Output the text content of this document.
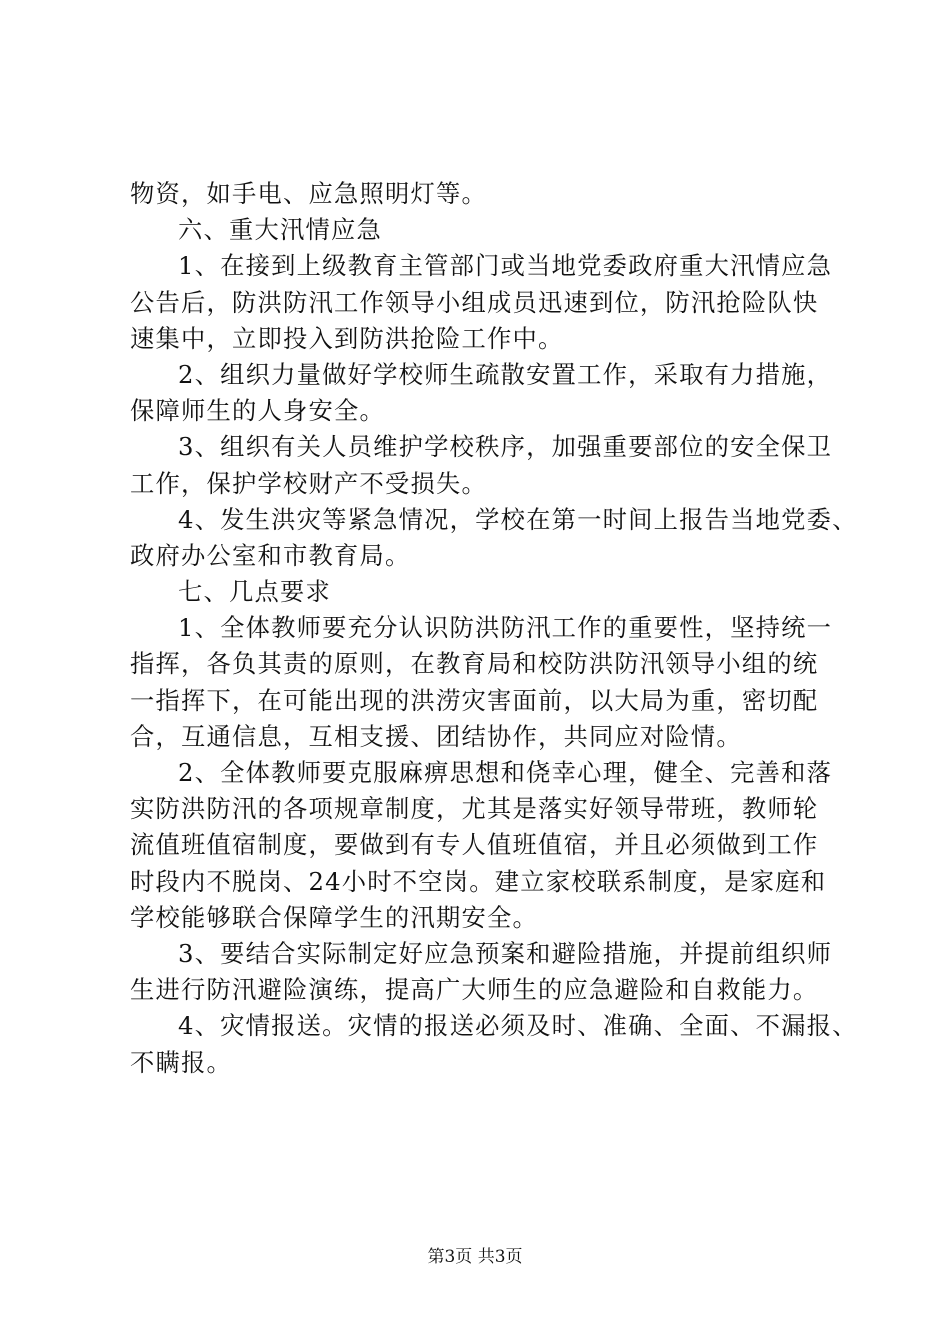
物资，如手电、应急照明灯等。
六、重大汛情应急
1、在接到上级教育主管部门或当地党委政府重大汛情应急
公告后，防洪防汛工作领导小组成员迅速到位，防汛抢险队快
速集中，立即投入到防洪抢险工作中。
2、组织力量做好学校师生疏散安置工作，采取有力措施，
保障师生的人身安全。
3、组织有关人员维护学校秩序，加强重要部位的安全保卫
工作，保护学校财产不受损失。
4、发生洪灾等紧急情况，学校在第一时间上报告当地党委、
政府办公室和市教育局。
七、几点要求
1、全体教师要充分认识防洪防汛工作的重要性，坚持统一
指挥，各负其责的原则，在教育局和校防洪防汛领导小组的统
一指挥下，在可能出现的洪涝灾害面前，以大局为重，密切配
合，互通信息，互相支援、团结协作，共同应对险情。
2、全体教师要克服麻痹思想和侥幸心理，健全、完善和落
实防洪防汛的各项规章制度，尤其是落实好领导带班，教师轮
流值班值宿制度，要做到有专人值班值宿，并且必须做到工作
时段内不脱岗、24小时不空岗。建立家校联系制度，是家庭和
学校能够联合保障学生的汛期安全。
3、要结合实际制定好应急预案和避险措施，并提前组织师
生进行防汛避险演练，提高广大师生的应急避险和自救能力。
4、灾情报送。灾情的报送必须及时、准确、全面、不漏报、
不瞒报。
第3页 共3页
